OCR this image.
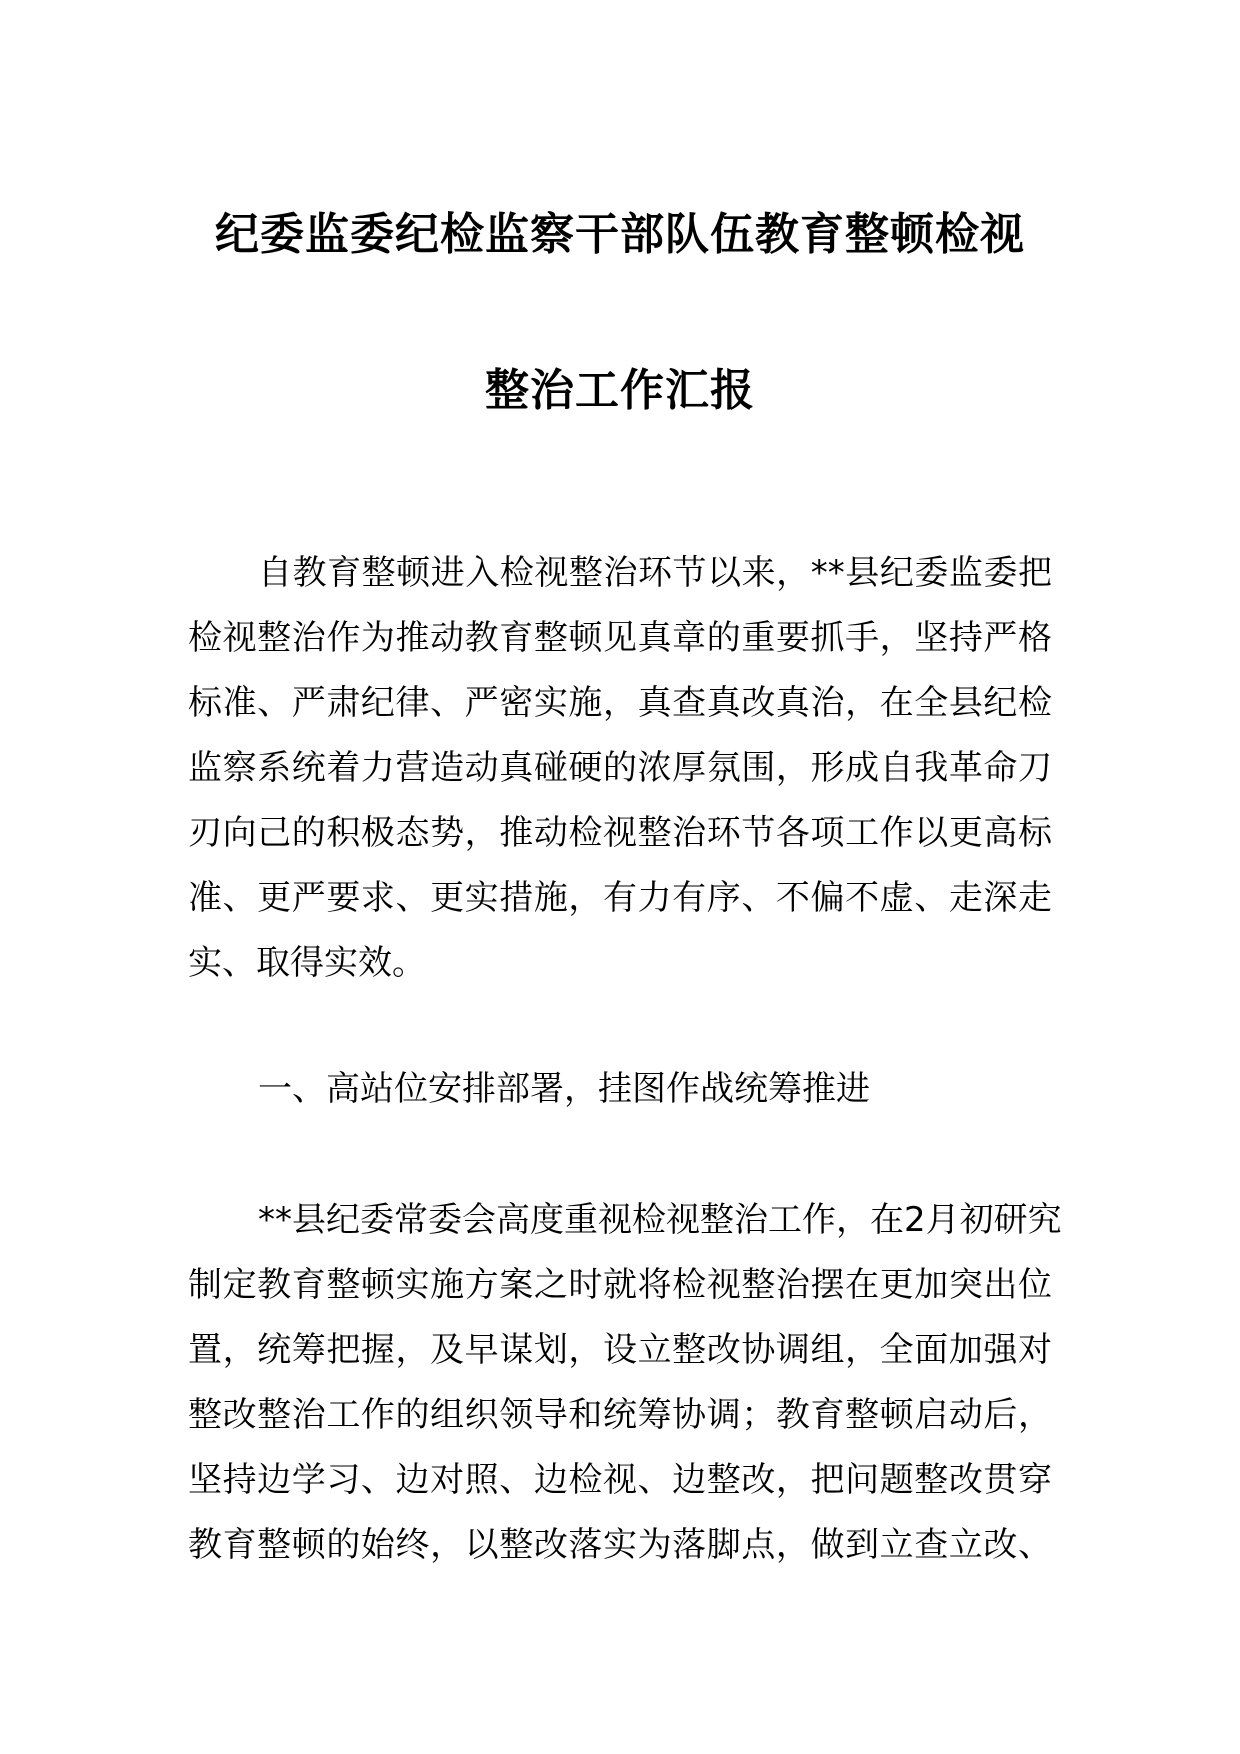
纪委监委纪检监察干部队伍教育整顿检视
整治工作汇报
自教育整顿进入检视整治环节以来，**县纪委监委把
检视整治作为推动教育整顿见真章的重要抓手，坚持严格
标准、严肃纪律、严密实施，真查真改真治，在全县纪检
监察系统着力营造动真碰硬的浓厚氛围，形成自我革命刀
刃向己的积极态势，推动检视整治环节各项工作以更高标
准、更严要求、更实措施，有力有序、不偏不虚、走深走
实、取得实效。
一、高站位安排部署，挂图作战统筹推进
**县纪委常委会高度重视检视整治工作，在2月初研究
制定教育整顿实施方案之时就将检视整治摆在更加突出位
置，统筹把握，及早谋划，设立整改协调组，全面加强对
整改整治工作的组织领导和统筹协调；教育整顿启动后，
坚持边学习、边对照、边检视、边整改，把问题整改贯穿
教育整顿的始终，以整改落实为落脚点，做到立查立改、
